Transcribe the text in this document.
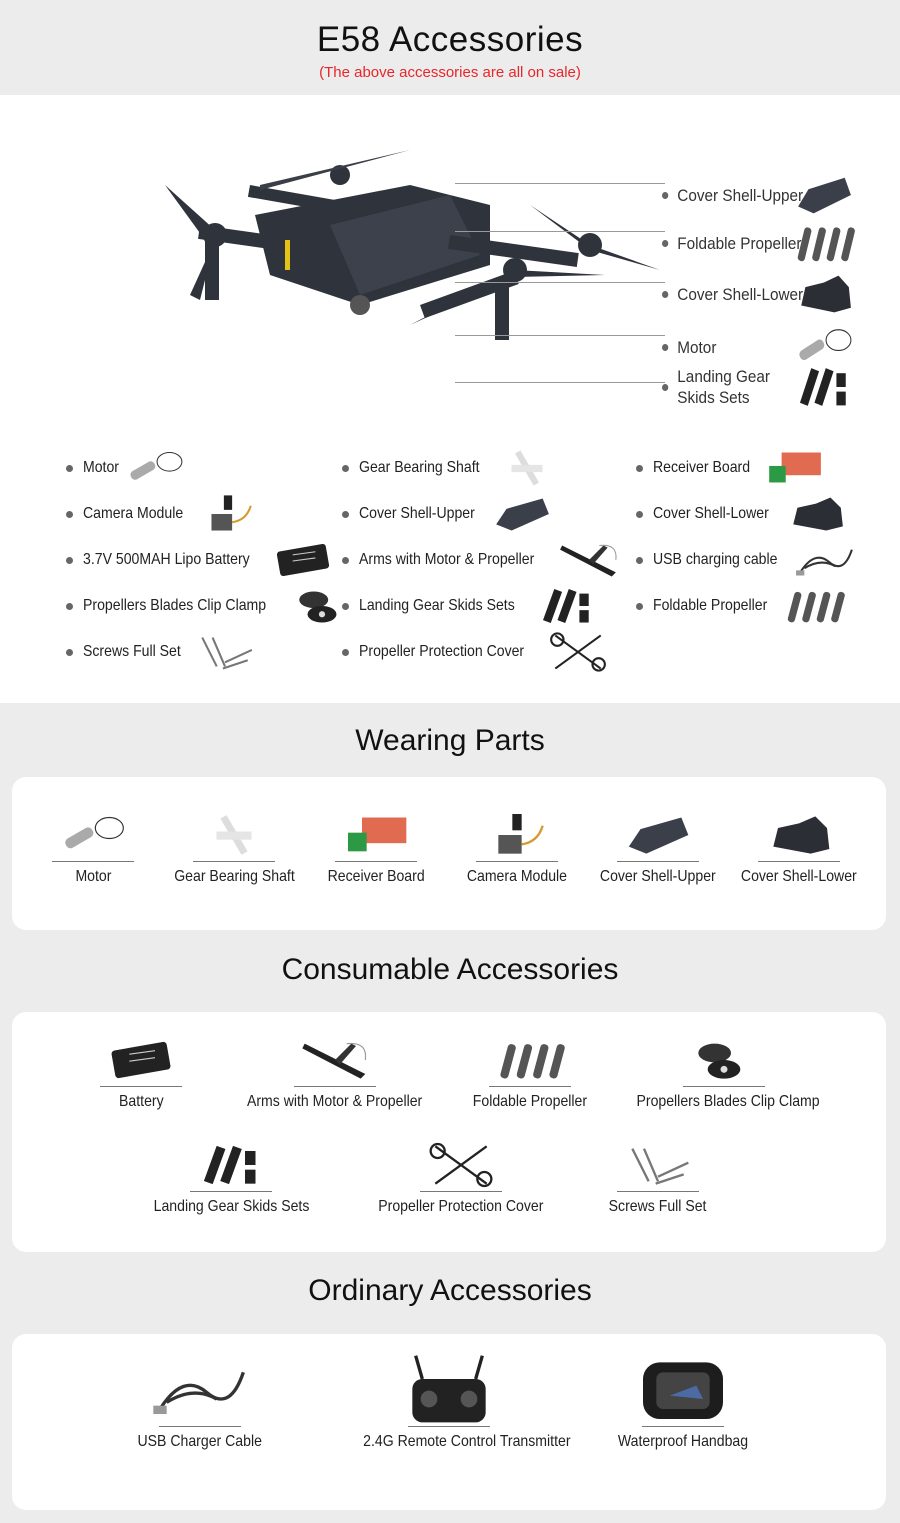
E58 Accessories
(The above accessories are all on sale)
Cover Shell-Upper
Foldable Propeller
Cover Shell-Lower
Motor
Landing Gear
Skids Sets
Motor
Camera Module
3.7V 500MAH Lipo Battery
Propellers Blades Clip Clamp
Screws Full Set
Gear Bearing Shaft
Cover Shell-Upper
Arms with Motor & Propeller
Landing Gear Skids Sets
Propeller Protection Cover
Receiver Board
Cover Shell-Lower
USB charging cable
Foldable Propeller
Wearing Parts
Motor	Gear Bearing Shaft	Receiver Board	Camera Module	Cover Shell-Upper	Cover Shell-Lower
Consumable Accessories
Battery	Arms with Motor & Propeller	Foldable Propeller	Propellers Blades Clip Clamp
Landing Gear Skids Sets	Propeller Protection Cover	Screws Full Set
Ordinary Accessories
USB Charger Cable	2.4G Remote Control Transmitter	Waterproof Handbag
